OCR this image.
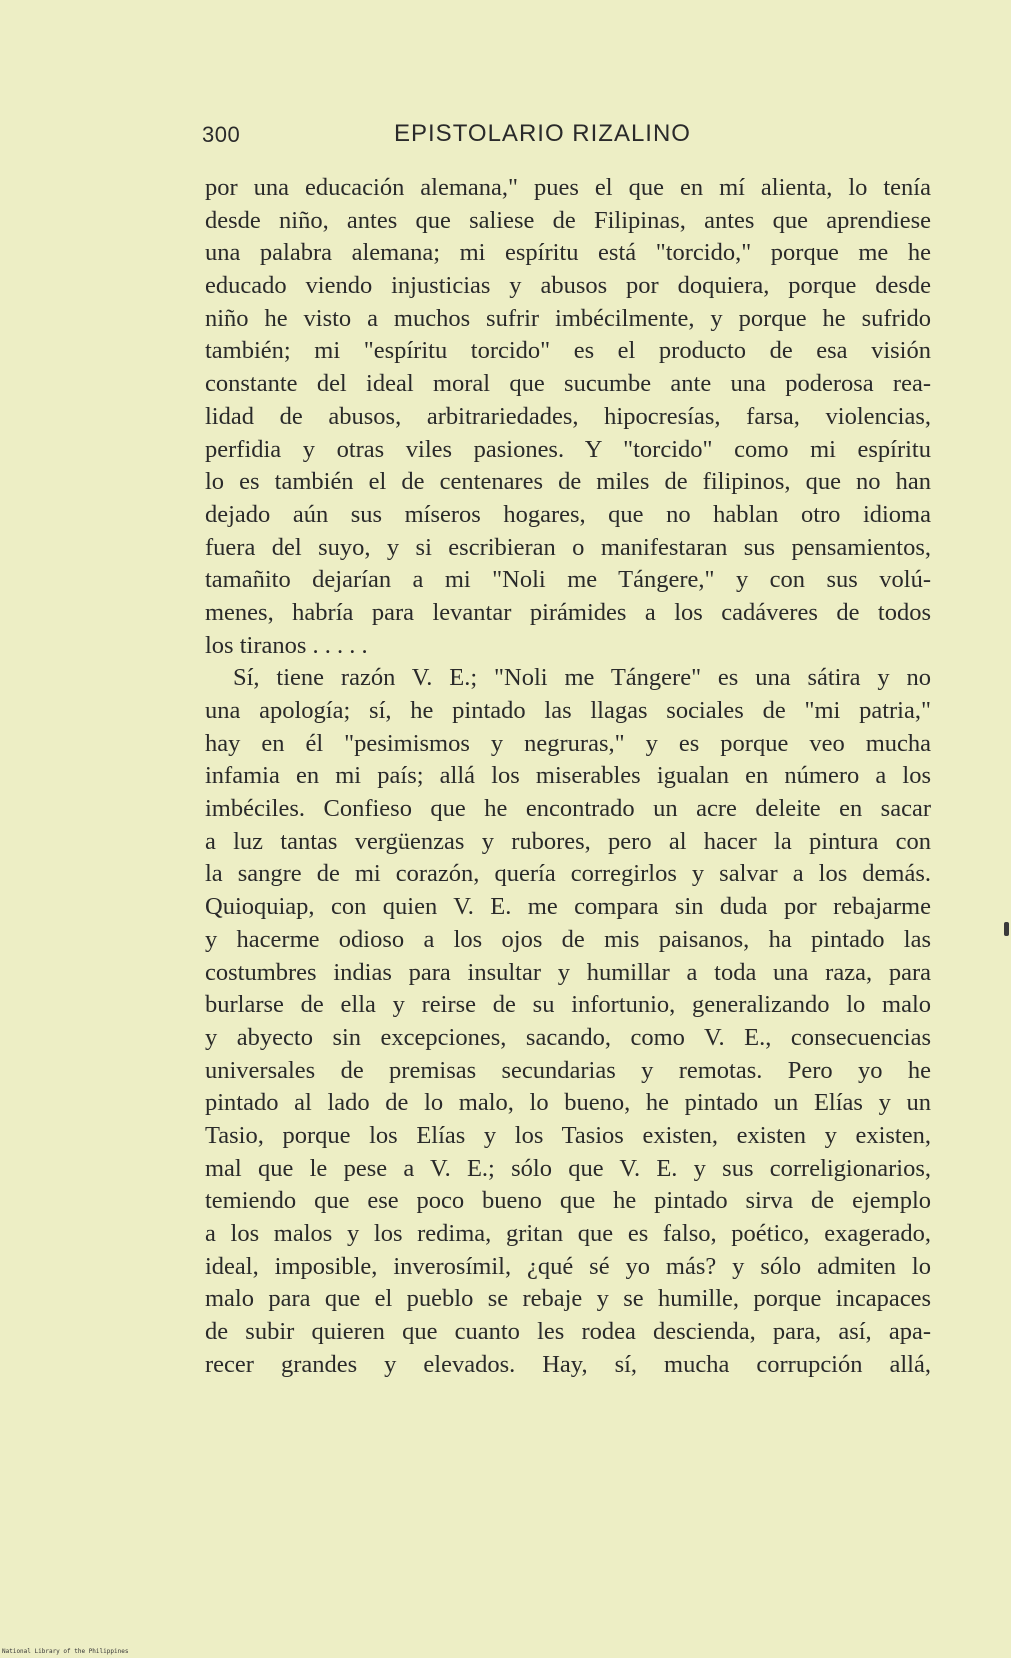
300	EPISTOLARIO RIZALINO
por una educación alemana," pues el que en mí alienta, lo tenía
desde niño, antes que saliese de Filipinas, antes que aprendiese
una palabra alemana; mi espíritu está "torcido," porque me he
educado viendo injusticias y abusos por doquiera, porque desde
niño he visto a muchos sufrir imbécilmente, y porque he sufrido
también; mi "espíritu torcido" es el producto de esa visión
constante del ideal moral que sucumbe ante una poderosa rea-
lidad de abusos, arbitrariedades, hipocresías, farsa, violencias,
perfidia y otras viles pasiones. Y "torcido" como mi espíritu
lo es también el de centenares de miles de filipinos, que no han
dejado aún sus míseros hogares, que no hablan otro idioma
fuera del suyo, y si escribieran o manifestaran sus pensamientos,
tamañito dejarían a mi "Noli me Tángere," y con sus volú-
menes, habría para levantar pirámides a los cadáveres de todos
los tiranos . . . . .
Sí, tiene razón V. E.; "Noli me Tángere" es una sátira y no
una apología; sí, he pintado las llagas sociales de "mi patria,"
hay en él "pesimismos y negruras," y es porque veo mucha
infamia en mi país; allá los miserables igualan en número a los
imbéciles. Confieso que he encontrado un acre deleite en sacar
a luz tantas vergüenzas y rubores, pero al hacer la pintura con
la sangre de mi corazón, quería corregirlos y salvar a los demás.
Quioquiap, con quien V. E. me compara sin duda por rebajarme
y hacerme odioso a los ojos de mis paisanos, ha pintado las
costumbres indias para insultar y humillar a toda una raza, para
burlarse de ella y reirse de su infortunio, generalizando lo malo
y abyecto sin excepciones, sacando, como V. E., consecuencias
universales de premisas secundarias y remotas. Pero yo he
pintado al lado de lo malo, lo bueno, he pintado un Elías y un
Tasio, porque los Elías y los Tasios existen, existen y existen,
mal que le pese a V. E.; sólo que V. E. y sus correligionarios,
temiendo que ese poco bueno que he pintado sirva de ejemplo
a los malos y los redima, gritan que es falso, poético, exagerado,
ideal, imposible, inverosímil, ¿qué sé yo más? y sólo admiten lo
malo para que el pueblo se rebaje y se humille, porque incapaces
de subir quieren que cuanto les rodea descienda, para, así, apa-
recer grandes y elevados. Hay, sí, mucha corrupción allá,
National Library of the Philippines
